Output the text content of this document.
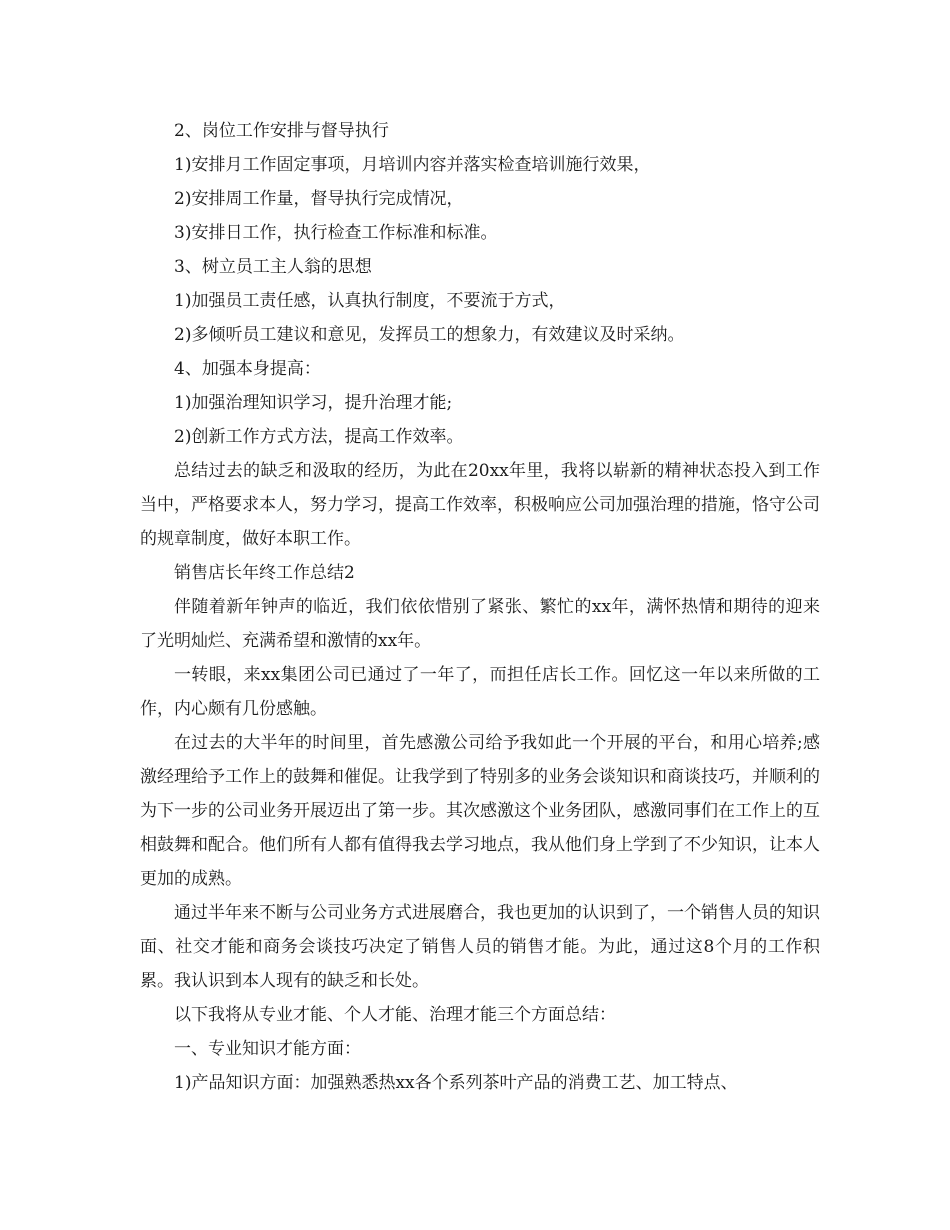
2、岗位工作安排与督导执行

1)安排月工作固定事项，月培训内容并落实检查培训施行效果，

2)安排周工作量，督导执行完成情况，

3)安排日工作，执行检查工作标准和标准。

3、树立员工主人翁的思想

1)加强员工责任感，认真执行制度，不要流于方式，

2)多倾听员工建议和意见，发挥员工的想象力，有效建议及时采纳。

4、加强本身提高：

1)加强治理知识学习，提升治理才能;

2)创新工作方式方法，提高工作效率。

总结过去的缺乏和汲取的经历，为此在20xx年里，我将以崭新的精神状态投入到工作当中，严格要求本人，努力学习，提高工作效率，积极响应公司加强治理的措施，恪守公司的规章制度，做好本职工作。

销售店长年终工作总结2

伴随着新年钟声的临近，我们依依惜别了紧张、繁忙的xx年，满怀热情和期待的迎来了光明灿烂、充满希望和激情的xx年。

一转眼，来xx集团公司已通过了一年了，而担任店长工作。回忆这一年以来所做的工作，内心颇有几份感触。

在过去的大半年的时间里，首先感激公司给予我如此一个开展的平台，和用心培养;感激经理给予工作上的鼓舞和催促。让我学到了特别多的业务会谈知识和商谈技巧，并顺利的为下一步的公司业务开展迈出了第一步。其次感激这个业务团队，感激同事们在工作上的互相鼓舞和配合。他们所有人都有值得我去学习地点，我从他们身上学到了不少知识，让本人更加的成熟。

通过半年来不断与公司业务方式进展磨合，我也更加的认识到了，一个销售人员的知识面、社交才能和商务会谈技巧决定了销售人员的销售才能。为此，通过这8个月的工作积累。我认识到本人现有的缺乏和长处。

以下我将从专业才能、个人才能、治理才能三个方面总结：

一、专业知识才能方面：

1)产品知识方面：加强熟悉热xx各个系列茶叶产品的消费工艺、加工特点、
